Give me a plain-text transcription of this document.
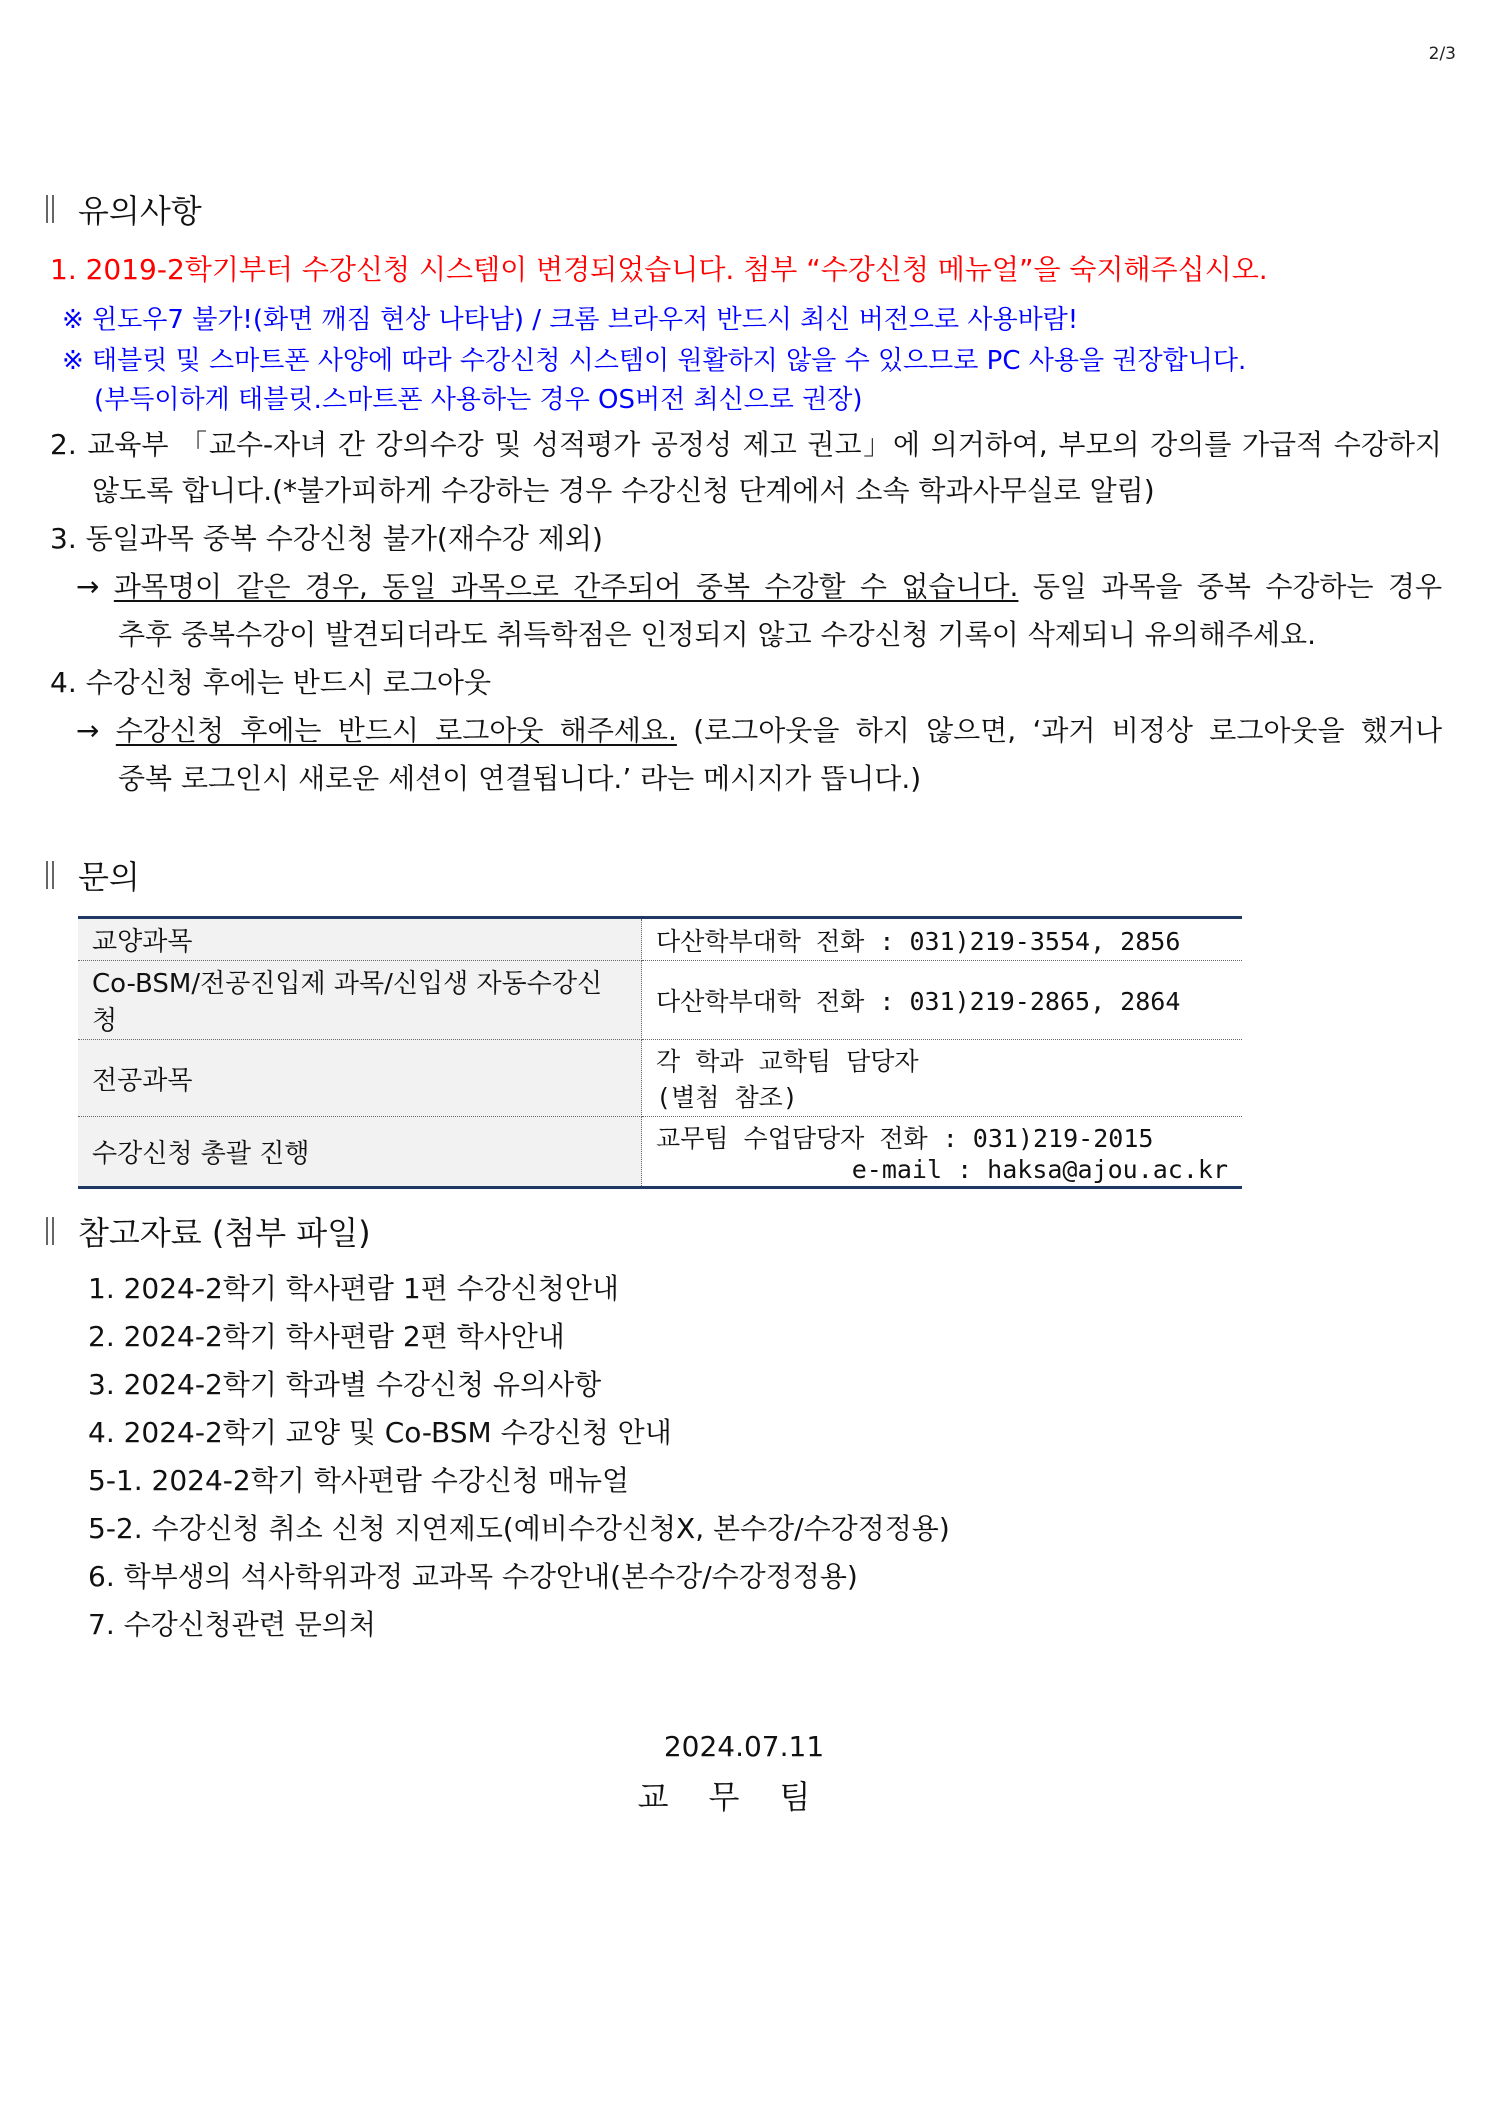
2/3
유의사항
1. 2019-2학기부터 수강신청 시스템이 변경되었습니다. 첨부 “수강신청 메뉴얼”을 숙지해주십시오.
※ 윈도우7 불가!(화면 깨짐 현상 나타남) / 크롬 브라우저 반드시 최신 버전으로 사용바람!
※ 태블릿 및 스마트폰 사양에 따라 수강신청 시스템이 원활하지 않을 수 있으므로 PC 사용을 권장합니다.
(부득이하게 태블릿․스마트폰 사용하는 경우 OS버전 최신으로 권장)
2. 교육부 「교수-자녀 간 강의수강 및 성적평가 공정성 제고 권고」에 의거하여, 부모의 강의를 가급적 수강하지
않도록 합니다.(*불가피하게 수강하는 경우 수강신청 단계에서 소속 학과사무실로 알림)
3. 동일과목 중복 수강신청 불가(재수강 제외)
→ 과목명이 같은 경우, 동일 과목으로 간주되어 중복 수강할 수 없습니다. 동일 과목을 중복 수강하는 경우
추후 중복수강이 발견되더라도 취득학점은 인정되지 않고 수강신청 기록이 삭제되니 유의해주세요.
4. 수강신청 후에는 반드시 로그아웃
→ 수강신청 후에는 반드시 로그아웃 해주세요. (로그아웃을 하지 않으면, ‘과거 비정상 로그아웃을 했거나
중복 로그인시 새로운 세션이 연결됩니다.’ 라는 메시지가 뜹니다.)
문의
교양과목	다산학부대학 전화 : 031)219-3554, 2856
Co-BSM/전공진입제 과목/신입생 자동수강신청	다산학부대학 전화 : 031)219-2865, 2864
전공과목	각 학과 교학팀 담당자
(별첨 참조)

수강신청 총괄 진행	교무팀 수업담당자 전화 : 031)219-2015
e-mail : haksa@ajou.ac.kr
참고자료 (첨부 파일)
1. 2024-2학기 학사편람 1편 수강신청안내
2. 2024-2학기 학사편람 2편 학사안내
3. 2024-2학기 학과별 수강신청 유의사항
4. 2024-2학기 교양 및 Co-BSM 수강신청 안내
5-1. 2024-2학기 학사편람 수강신청 매뉴얼
5-2. 수강신청 취소 신청 지연제도(예비수강신청X, 본수강/수강정정용)
6. 학부생의 석사학위과정 교과목 수강안내(본수강/수강정정용)
7. 수강신청관련 문의처
2024.07.11
교무팀
